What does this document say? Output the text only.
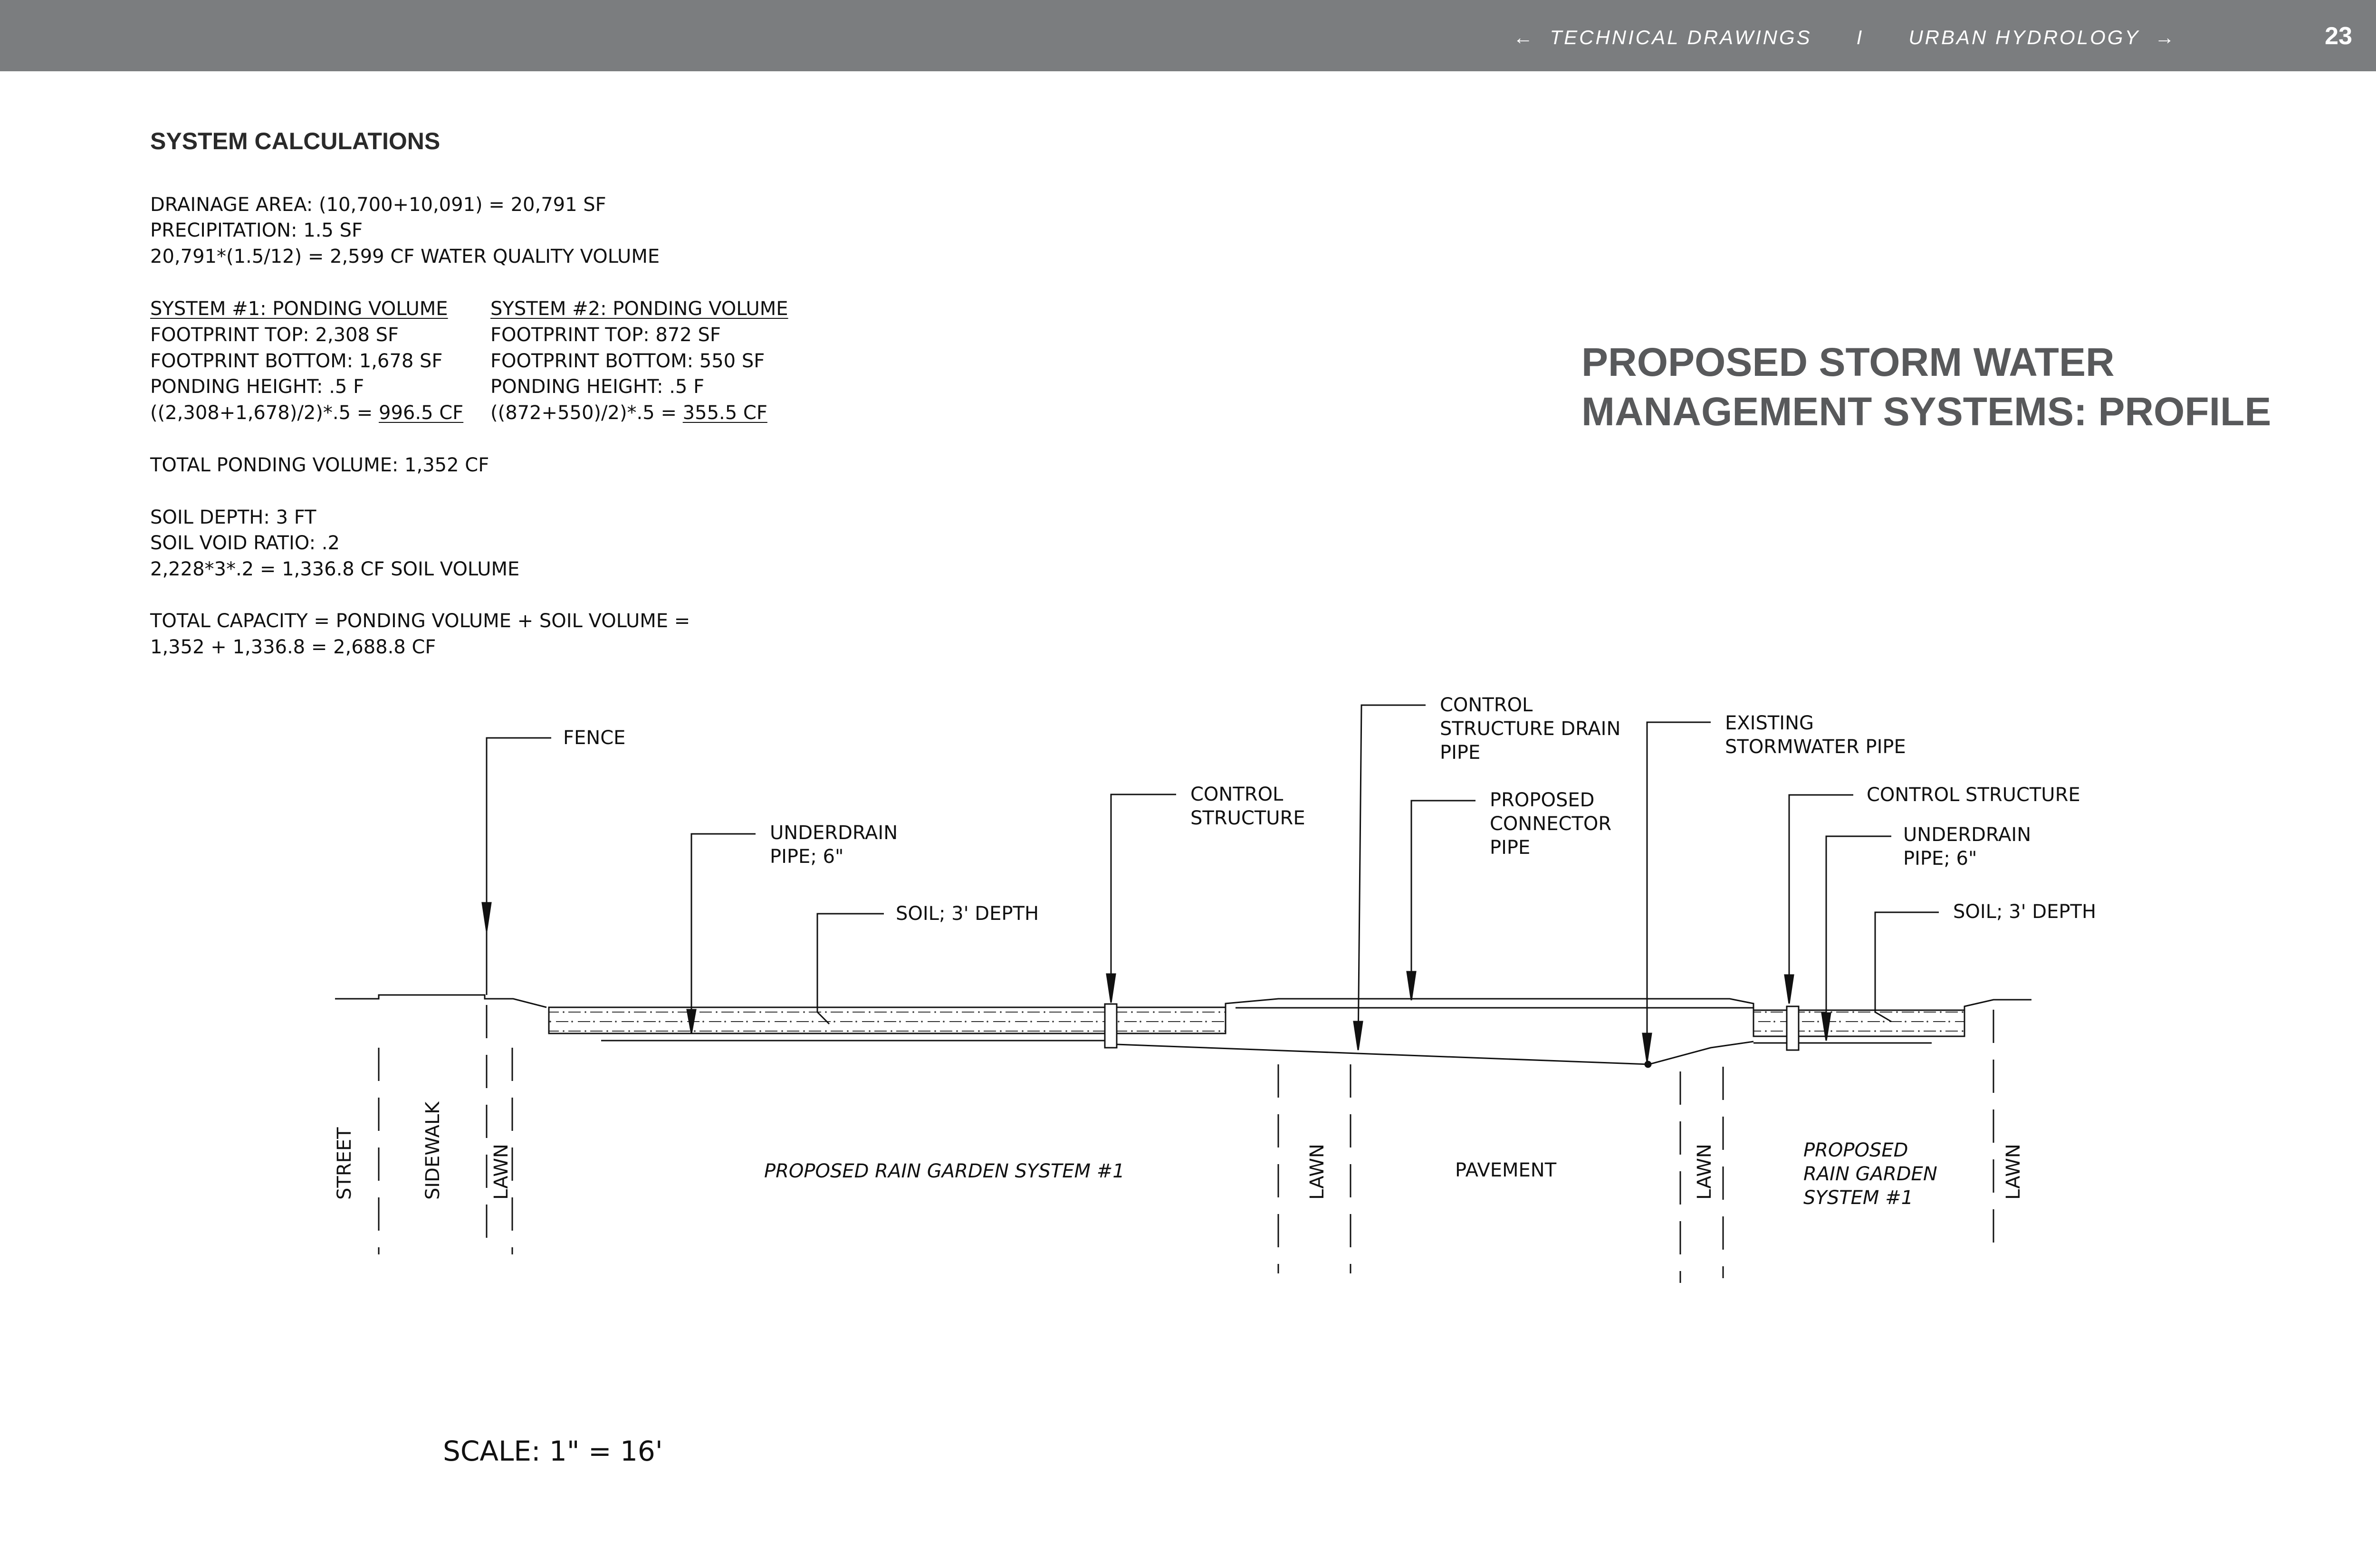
←  TECHNICAL DRAWINGS
I
URBAN HYDROLOGY  →	23
SYSTEM CALCULATIONS
DRAINAGE AREA: (10,700+10,091) = 20,791 SF
PRECIPITATION: 1.5 SF
20,791*(1.5/12) = 2,599 CF WATER QUALITY VOLUME
SYSTEM #1: PONDING VOLUME
FOOTPRINT TOP: 2,308 SF
FOOTPRINT BOTTOM: 1,678 SF
PONDING HEIGHT: .5 F
((2,308+1,678)/2)*.5 = 996.5 CF
SYSTEM #2: PONDING VOLUME
FOOTPRINT TOP: 872 SF
FOOTPRINT BOTTOM: 550 SF
PONDING HEIGHT: .5 F
((872+550)/2)*.5 = 355.5 CF
TOTAL PONDING VOLUME: 1,352 CF
SOIL DEPTH: 3 FT
SOIL VOID RATIO: .2
2,228*3*.2 = 1,336.8 CF SOIL VOLUME
TOTAL CAPACITY = PONDING VOLUME + SOIL VOLUME =
1,352 + 1,336.8 = 2,688.8 CF
PROPOSED STORM WATER
MANAGEMENT SYSTEMS: PROFILE
FENCE
UNDERDRAIN PIPE; 6"
SOIL; 3' DEPTH
CONTROL STRUCTURE
CONTROL STRUCTURE DRAIN PIPE
PROPOSED CONNECTOR PIPE
EXISTING STORMWATER PIPE
CONTROL STRUCTURE
UNDERDRAIN PIPE; 6"
SOIL; 3' DEPTH
STREET	SIDEWALK LAWN	PROPOSED RAIN GARDEN SYSTEM #1	LAWN	PAVEMENT	LAWN	PROPOSED RAIN GARDEN SYSTEM #1	LAWN
SCALE: 1" = 16'
